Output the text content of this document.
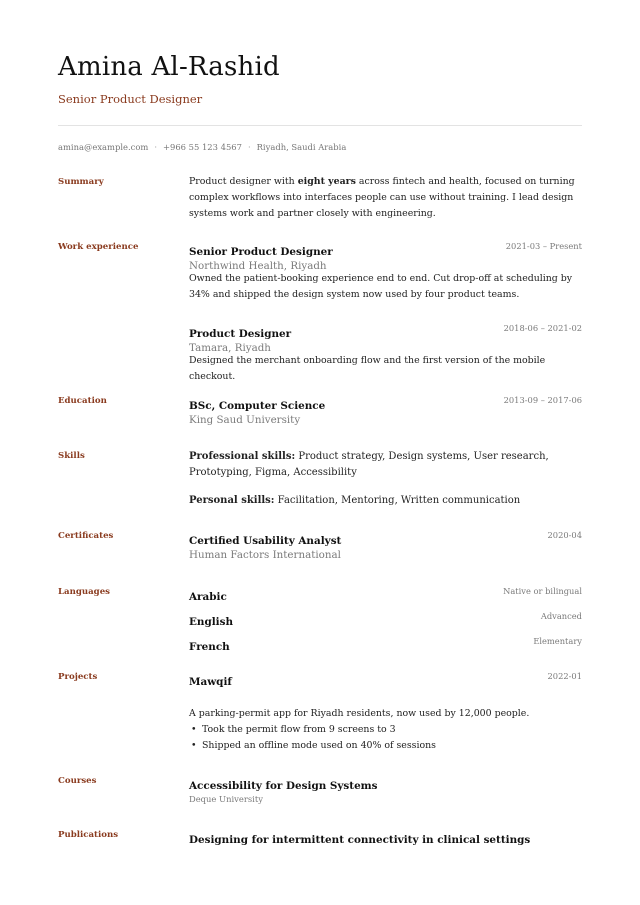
Amina Al-Rashid
Senior Product Designer
amina@example.com · +966 55 123 4567 · Riyadh, Saudi Arabia
Summary	Product designer with eight years across fintech and health, focused on turning complex workflows into interfaces people can use without training. I lead design systems work and partner closely with engineering.
Work experience	Senior Product Designer	2021-03 – Present
Northwind Health, Riyadh
Owned the patient-booking experience end to end. Cut drop-off at scheduling by 34% and shipped the design system now used by four product teams.
Product Designer	2018-06 – 2021-02
Tamara, Riyadh
Designed the merchant onboarding flow and the first version of the mobile checkout.
Education	BSc, Computer Science	2013-09 – 2017-06
King Saud University
Skills	Professional skills: Product strategy, Design systems, User research, Prototyping, Figma, Accessibility
Personal skills: Facilitation, Mentoring, Written communication
Certificates	Certified Usability Analyst	2020-04
Human Factors International
Languages	Arabic	Native or bilingual
English	Advanced
French	Elementary
Projects	Mawqif	2022-01
A parking-permit app for Riyadh residents, now used by 12,000 people.
• Took the permit flow from 9 screens to 3
• Shipped an offline mode used on 40% of sessions
Courses	Accessibility for Design Systems
Deque University
Publications	Designing for intermittent connectivity in clinical settings
